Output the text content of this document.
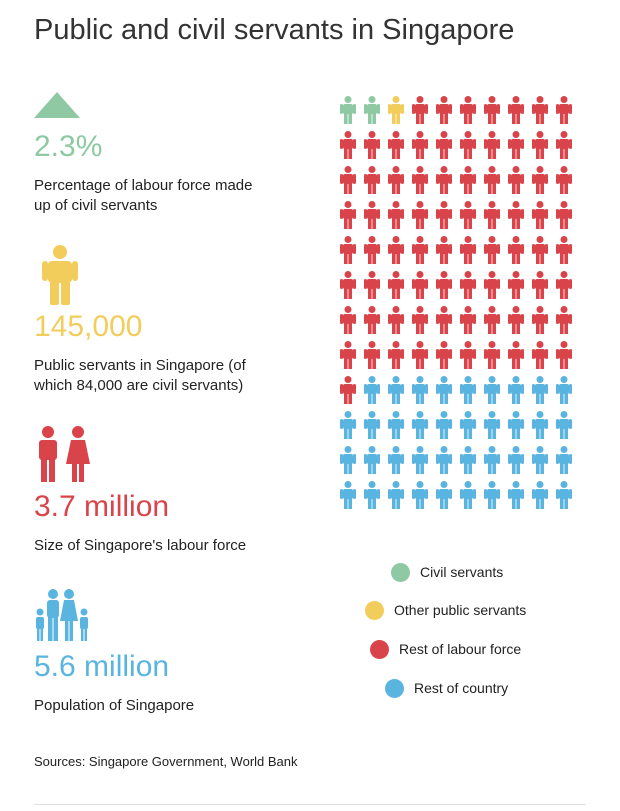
Public and civil servants in Singapore
2.3%
Percentage of labour force made
up of civil servants
145,000
Public servants in Singapore (of
which 84,000 are civil servants)
3.7 million
Size of Singapore's labour force
5.6 million
Population of Singapore
Civil servants
Other public servants
Rest of labour force
Rest of country
Sources: Singapore Government, World Bank
